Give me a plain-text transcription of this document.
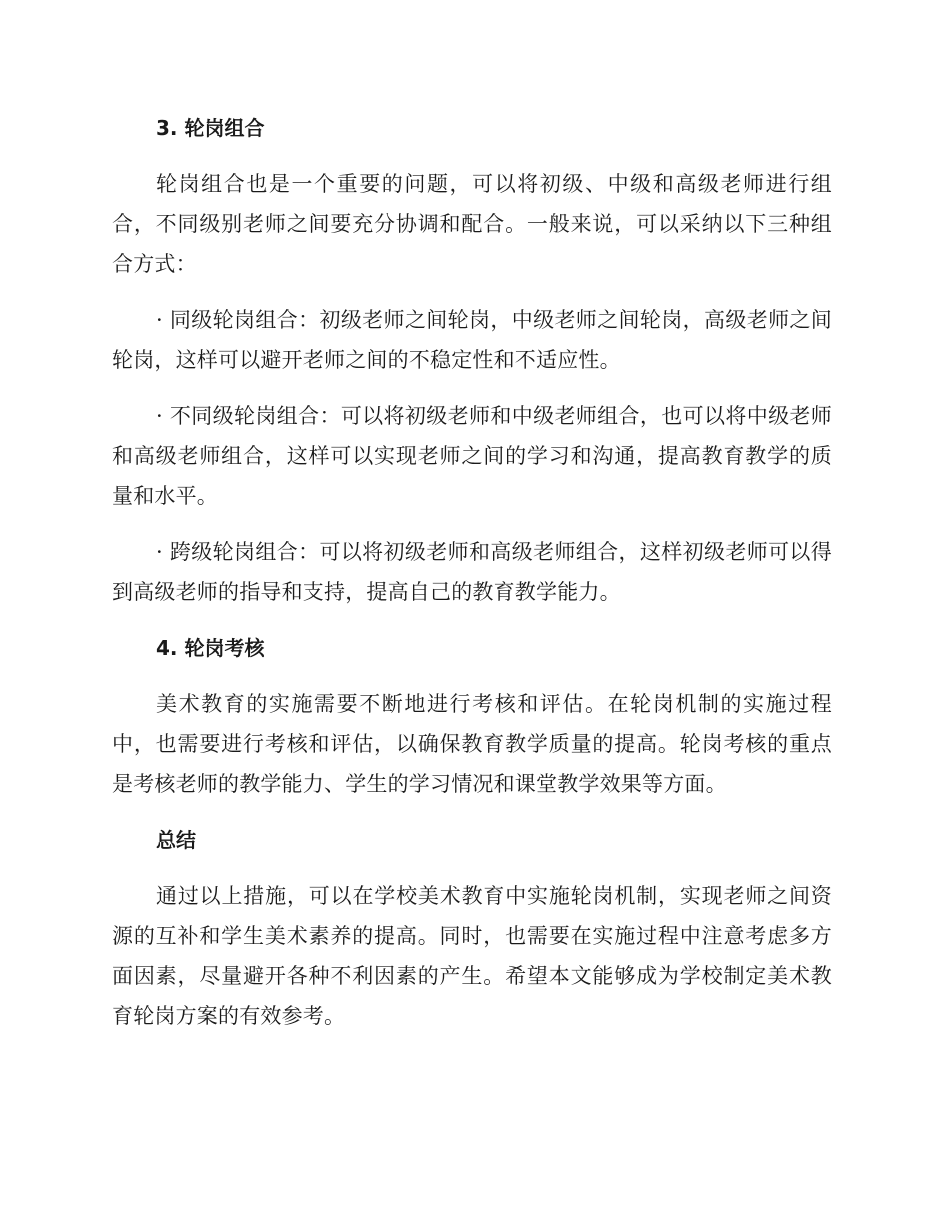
3. 轮岗组合

轮岗组合也是一个重要的问题，可以将初级、中级和高级老师进行组合，不同级别老师之间要充分协调和配合。一般来说，可以采纳以下三种组合方式：

· 同级轮岗组合：初级老师之间轮岗，中级老师之间轮岗，高级老师之间轮岗，这样可以避开老师之间的不稳定性和不适应性。

· 不同级轮岗组合：可以将初级老师和中级老师组合，也可以将中级老师和高级老师组合，这样可以实现老师之间的学习和沟通，提高教育教学的质量和水平。

· 跨级轮岗组合：可以将初级老师和高级老师组合，这样初级老师可以得到高级老师的指导和支持，提高自己的教育教学能力。

4. 轮岗考核

美术教育的实施需要不断地进行考核和评估。在轮岗机制的实施过程中，也需要进行考核和评估，以确保教育教学质量的提高。轮岗考核的重点是考核老师的教学能力、学生的学习情况和课堂教学效果等方面。

总结

通过以上措施，可以在学校美术教育中实施轮岗机制，实现老师之间资源的互补和学生美术素养的提高。同时，也需要在实施过程中注意考虑多方面因素，尽量避开各种不利因素的产生。希望本文能够成为学校制定美术教育轮岗方案的有效参考。
